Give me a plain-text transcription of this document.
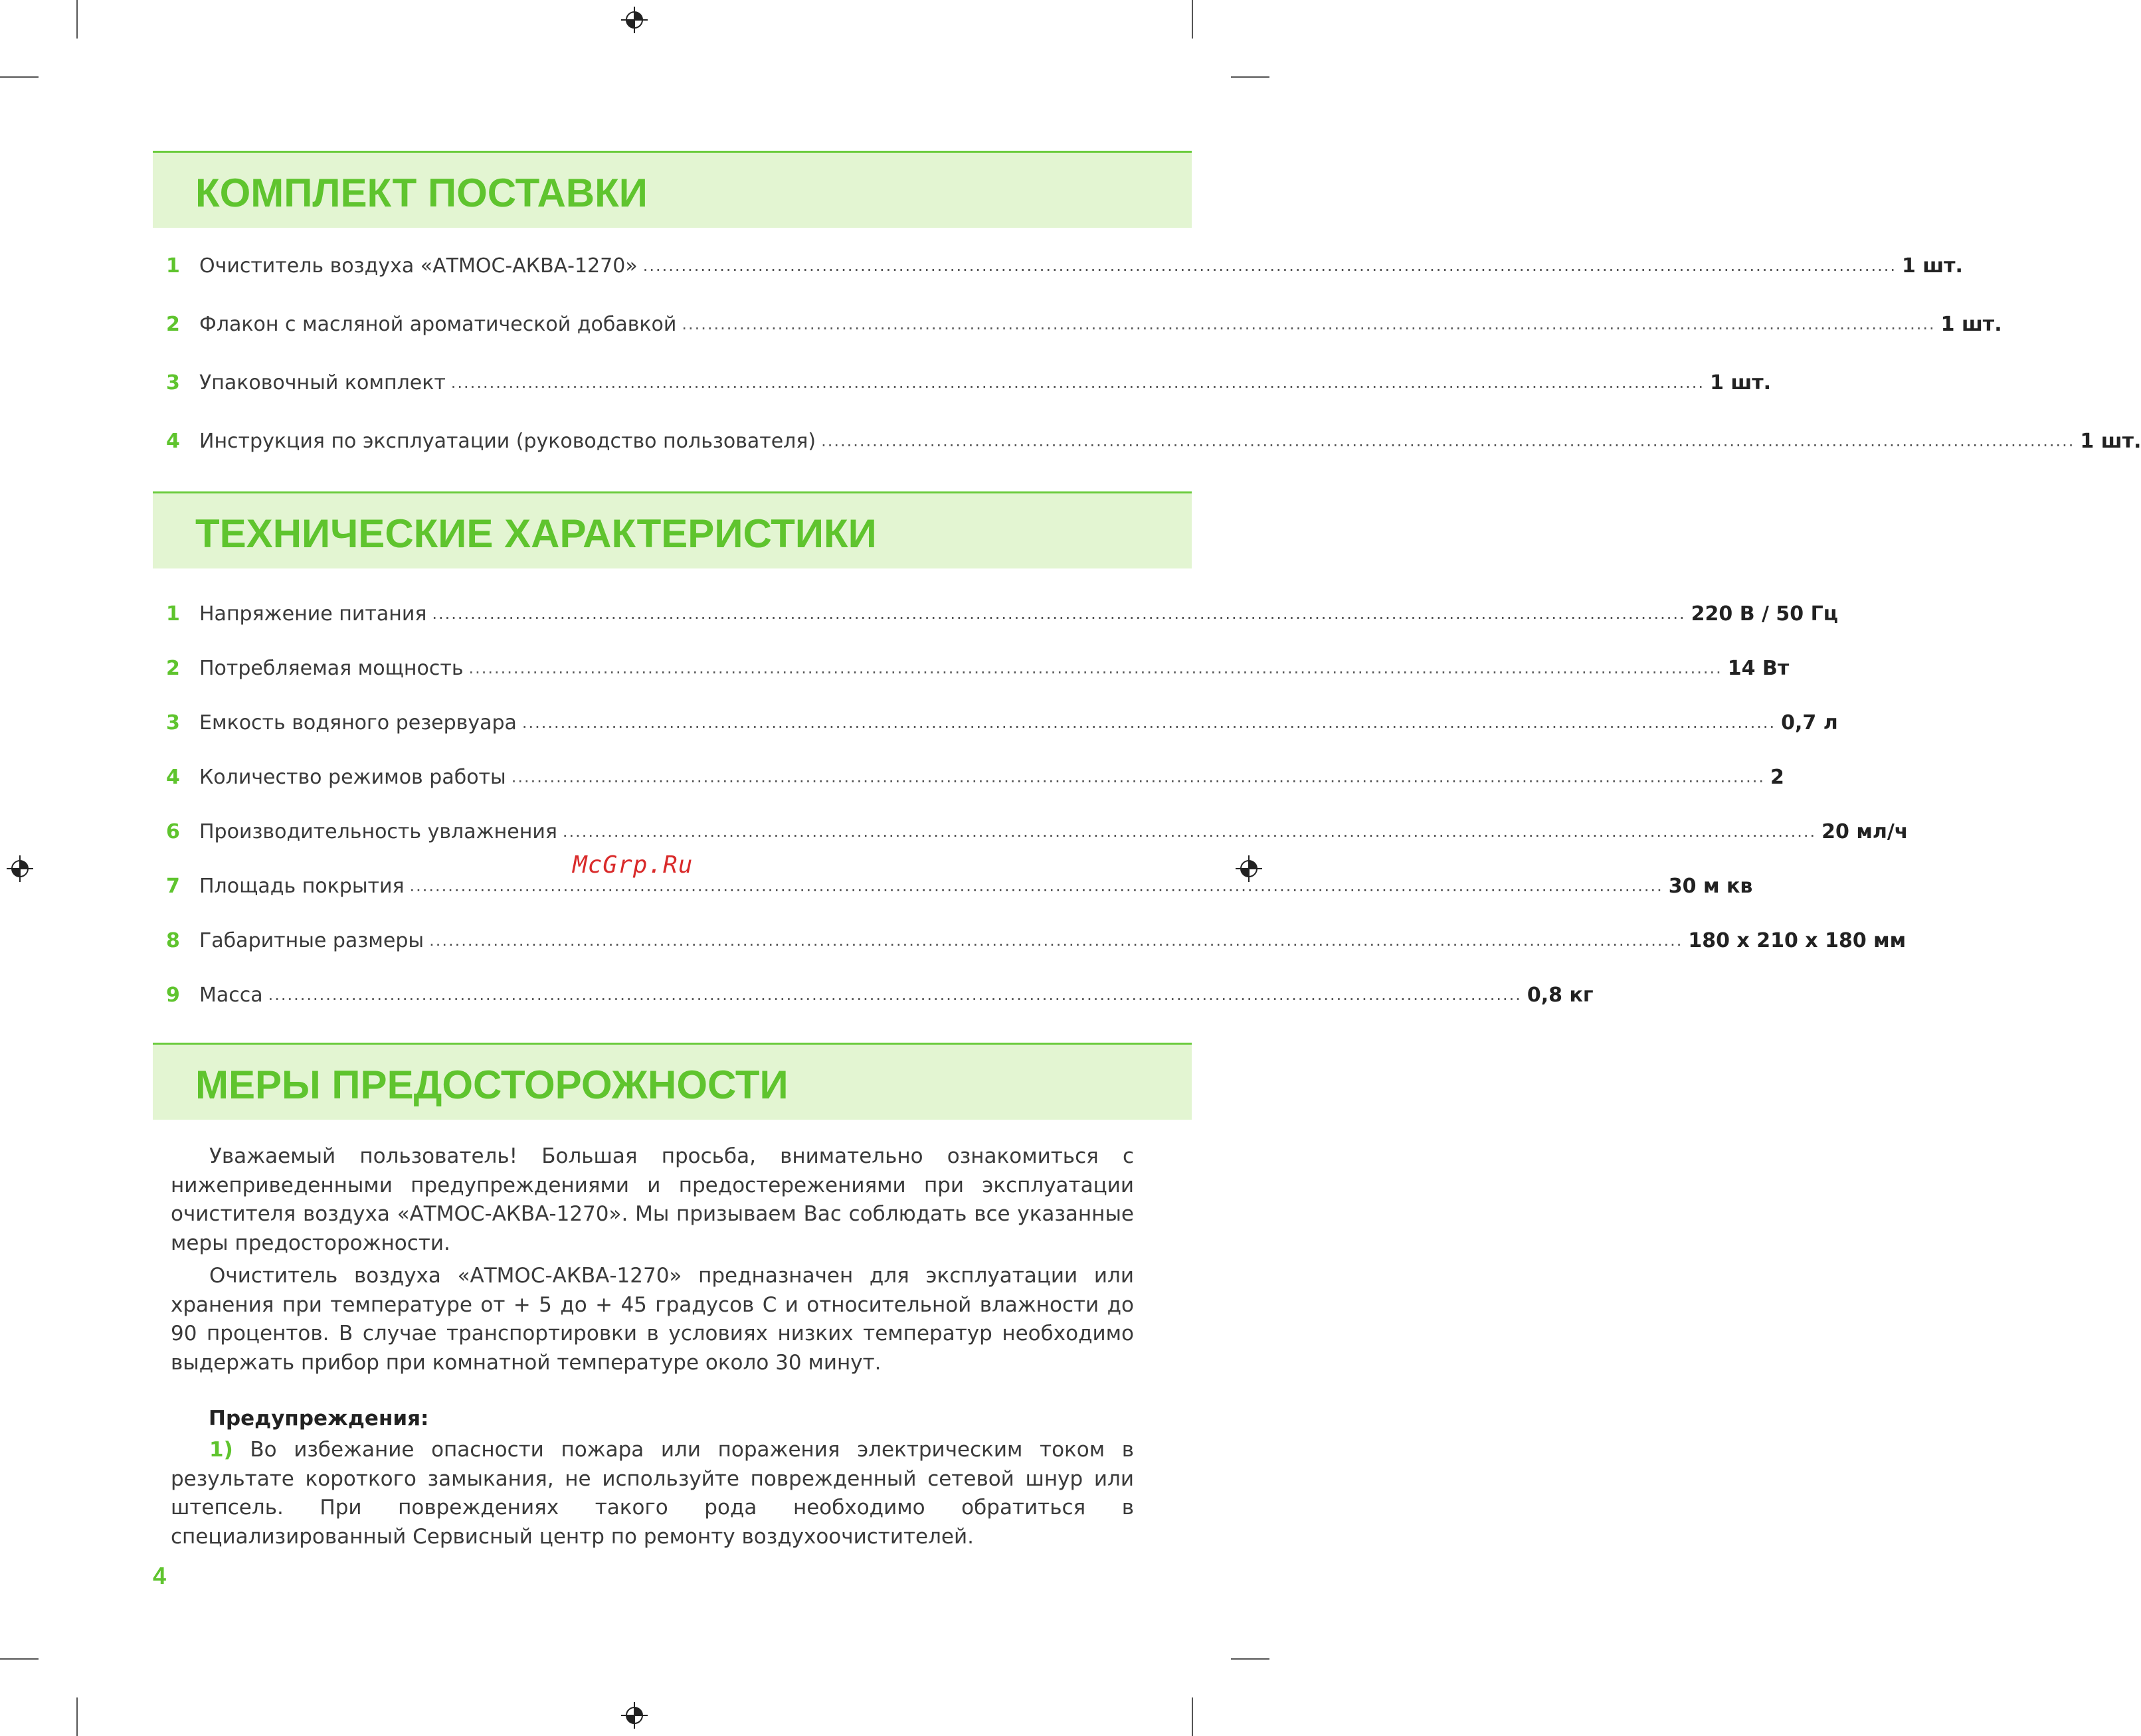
КОМПЛЕКТ ПОСТАВКИ
1 Очиститель воздуха «АТМОС-АКВА-1270» .................................................................................................................................................................................................... 1 шт.
2 Флакон с масляной ароматической добавкой .................................................................................................................................................................................................... 1 шт.
3 Упаковочный комплект .................................................................................................................................................................................................... 1 шт.
4 Инструкция по эксплуатации (руководство пользователя) .................................................................................................................................................................................................... 1 шт.
ТЕХНИЧЕСКИЕ ХАРАКТЕРИСТИКИ
1 Напряжение питания .................................................................................................................................................................................................... 220 В / 50 Гц
2 Потребляемая мощность .................................................................................................................................................................................................... 14 Вт
3 Емкость водяного резервуара .................................................................................................................................................................................................... 0,7 л
4 Количество режимов работы .................................................................................................................................................................................................... 2
6 Производительность увлажнения .................................................................................................................................................................................................... 20 мл/ч
7 Площадь покрытия .................................................................................................................................................................................................... 30 м кв
8 Габаритные размеры .................................................................................................................................................................................................... 180 х 210 х 180 мм
9 Масса .................................................................................................................................................................................................... 0,8 кг
McGrp.Ru
МЕРЫ ПРЕДОСТОРОЖНОСТИ

Уважаемый пользователь! Большая просьба, внимательно ознакомиться с нижеприведенными предупреждениями и предостережениями при эксплуатации очистителя воздуха «АТМОС-АКВА-1270». Мы призываем Вас соблюдать все указанные меры предосторожности.

Очиститель воздуха «АТМОС-АКВА-1270» предназначен для эксплуатации или хранения при температуре от + 5 до + 45 градусов С и относительной влажности до 90 процентов. В случае транспортировки в условиях низких температур необходимо выдержать прибор при комнатной температуре около 30 минут.

Предупреждения:

1) Во избежание опасности пожара или поражения электрическим током в результате короткого замыкания, не используйте поврежденный сетевой шнур или штепсель. При повреждениях такого рода необходимо обратиться в специализированный Сервисный центр по ремонту воздухоочистителей.

4
